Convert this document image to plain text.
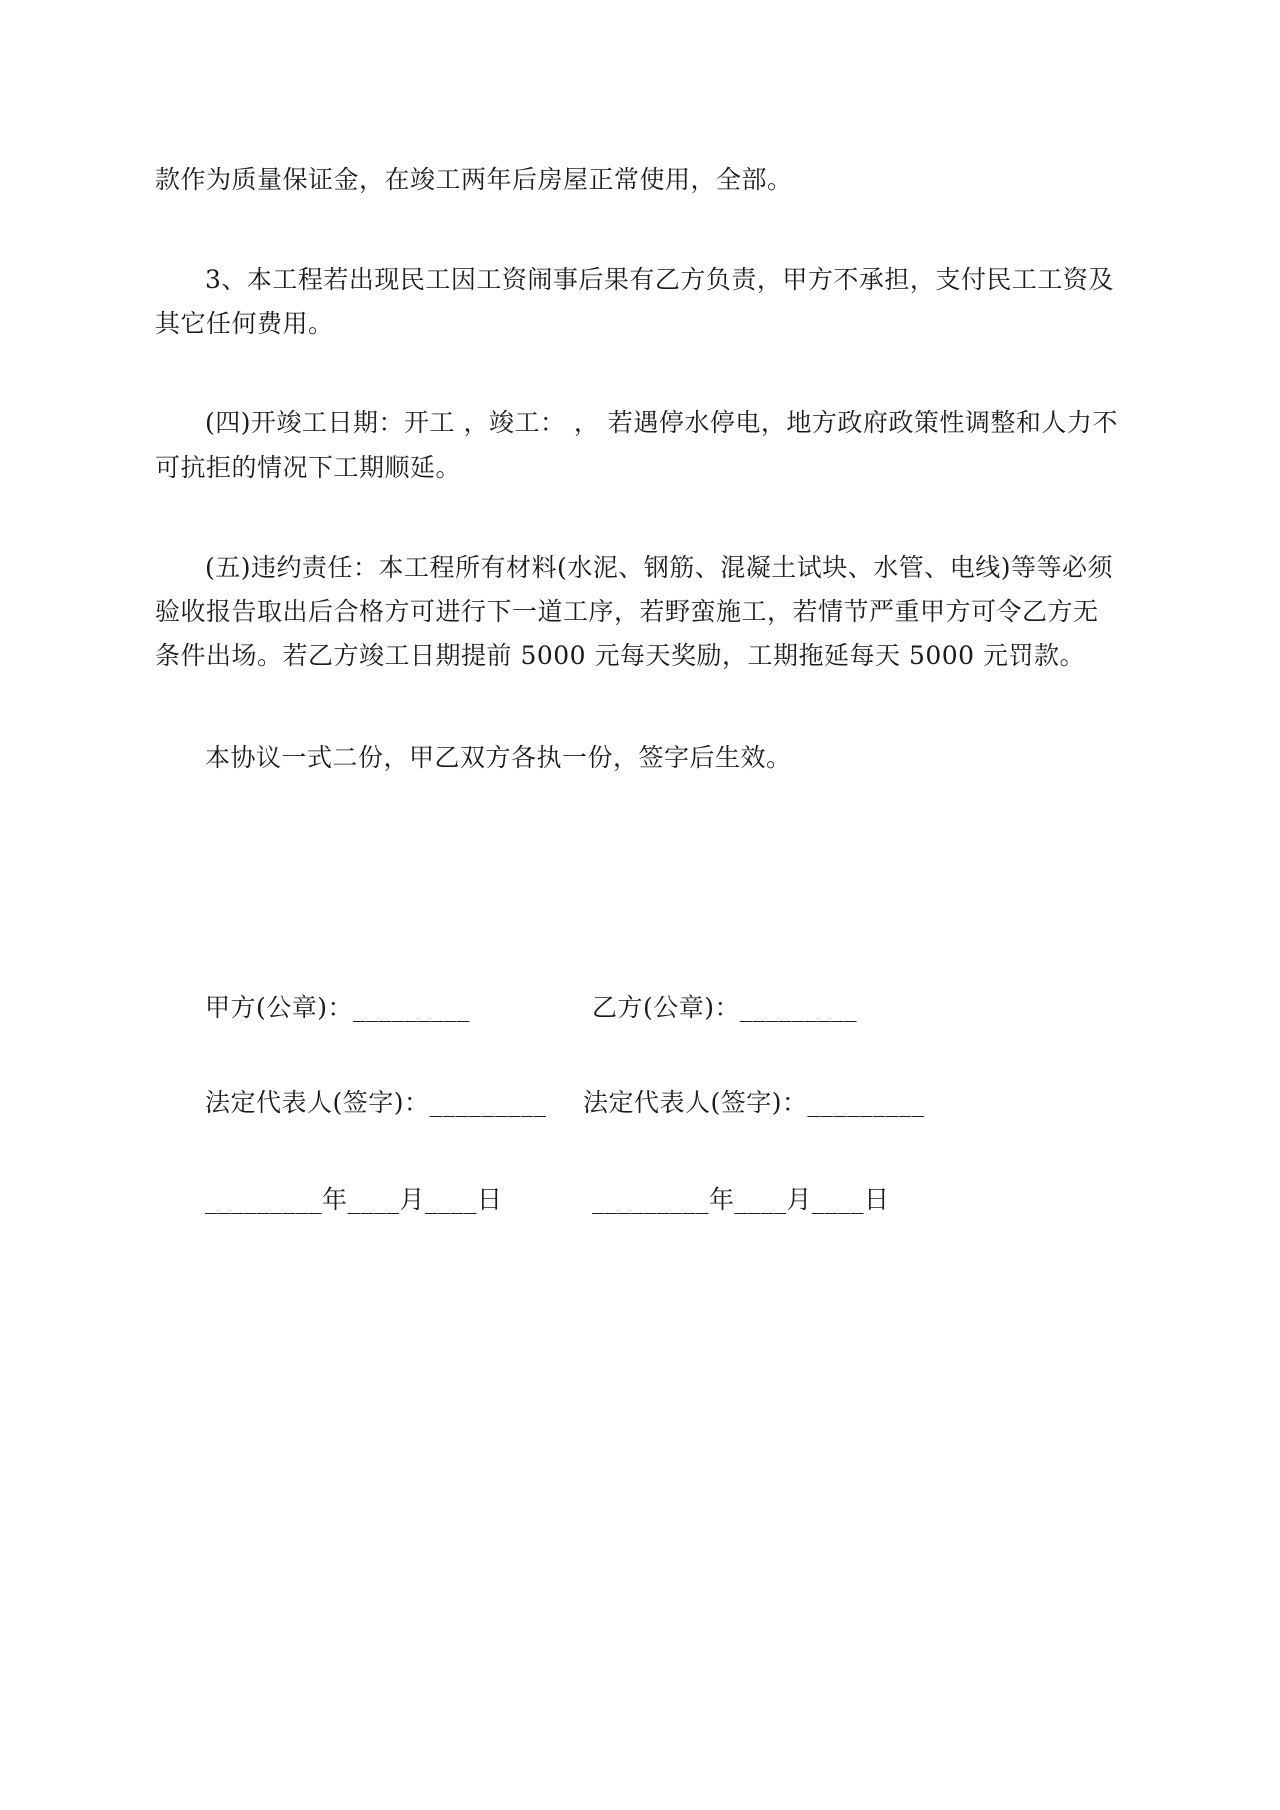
款作为质量保证金，在竣工两年后房屋正常使用，全部。
3、本工程若出现民工因工资闹事后果有乙方负责，甲方不承担，支付民工工资及
其它任何费用。
(四)开竣工日期：开工 ，竣工： ， 若遇停水停电，地方政府政策性调整和人力不
可抗拒的情况下工期顺延。
(五)违约责任：本工程所有材料(水泥、钢筋、混凝土试块、水管、电线)等等必须
验收报告取出后合格方可进行下一道工序，若野蛮施工，若情节严重甲方可令乙方无
条件出场。若乙方竣工日期提前 5000 元每天奖励，工期拖延每天 5000 元罚款。
本协议一式二份，甲乙双方各执一份，签字后生效。
甲方(公章)：_________	乙方(公章)：_________
法定代表人(签字)：_________ 法定代表人(签字)：_________
_________年____月____日	_________年____月____日
